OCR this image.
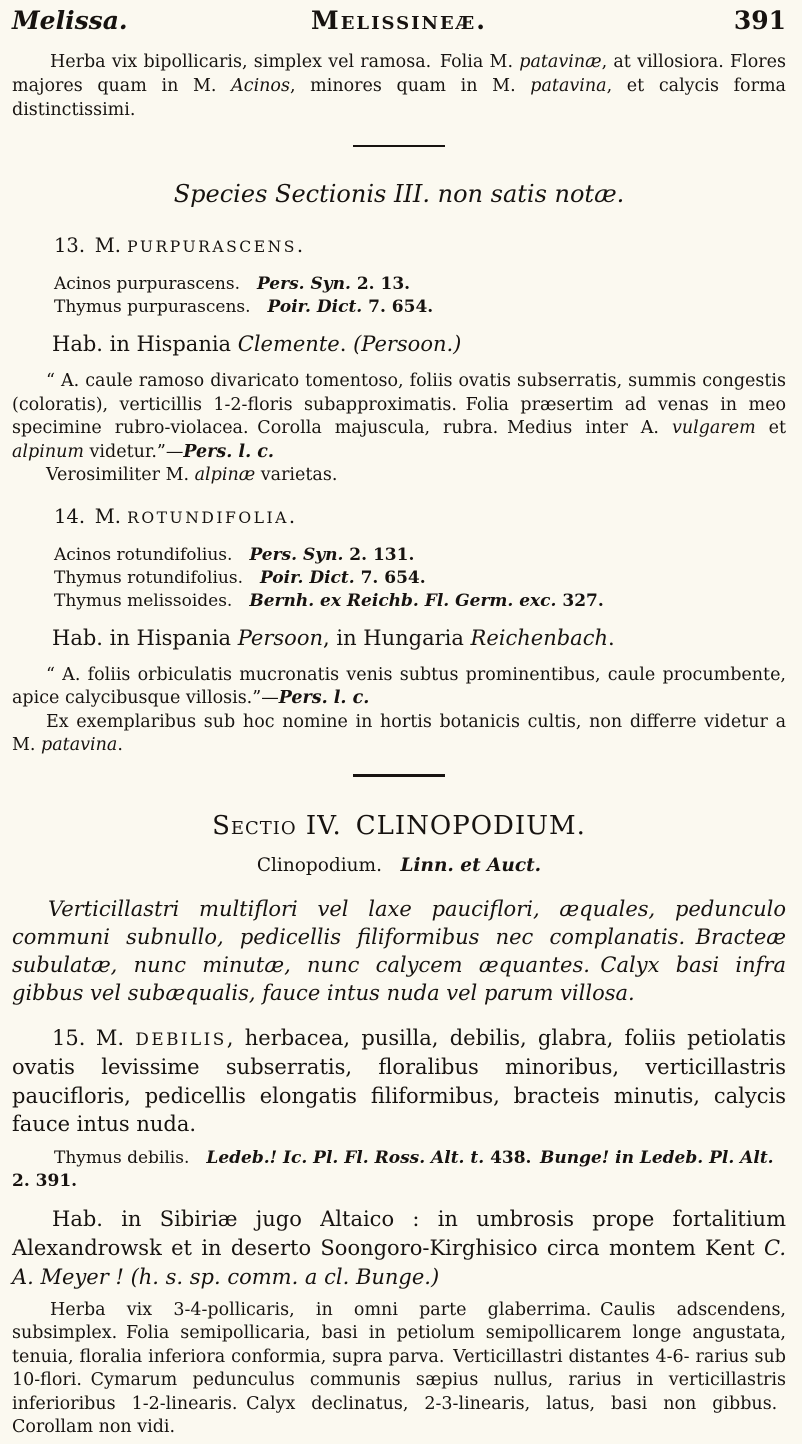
Melissa.	Melissineæ.	391

Herba vix bipollicaris, simplex vel ramosa. Folia M. patavinæ, at villosiora. Flores majores quam in M. Acinos, minores quam in M. patavina, et calycis forma distinctissimi.

Species Sectionis III. non satis notæ.
13. M. PURPURASCENS.

Acinos purpurascens. Pers. Syn. 2. 13.

Thymus purpurascens. Poir. Dict. 7. 654.

Hab. in Hispania Clemente. (Persoon.)

“ A. caule ramoso divaricato tomentoso, foliis ovatis subserratis, summis congestis (coloratis), verticillis 1-2-floris subapproximatis. Folia præsertim ad venas in meo specimine rubro-violacea. Corolla majuscula, rubra. Medius inter A. vulgarem et alpinum videtur.”—Pers. l. c.

Verosimiliter M. alpinæ varietas.

14. M. ROTUNDIFOLIA.

Acinos rotundifolius. Pers. Syn. 2. 131.

Thymus rotundifolius. Poir. Dict. 7. 654.

Thymus melissoides. Bernh. ex Reichb. Fl. Germ. exc. 327.

Hab. in Hispania Persoon, in Hungaria Reichenbach.

“ A. foliis orbiculatis mucronatis venis subtus prominentibus, caule procumbente, apice calycibusque villosis.”—Pers. l. c.

Ex exemplaribus sub hoc nomine in hortis botanicis cultis, non differre videtur a M. patavina.

Sectio IV. CLINOPODIUM.

Clinopodium. Linn. et Auct.

Verticillastri multiflori vel laxe pauciflori, æquales, pedunculo communi subnullo, pedicellis filiformibus nec complanatis. Bracteæ subulatæ, nunc minutæ, nunc calycem æquantes. Calyx basi infra gibbus vel subæqualis, fauce intus nuda vel parum villosa.

15. M. DEBILIS, herbacea, pusilla, debilis, glabra, foliis petiolatis ovatis levissime subserratis, floralibus minoribus, verticillastris paucifloris, pedicellis elongatis filiformibus, bracteis minutis, calycis fauce intus nuda.

Thymus debilis. Ledeb.! Ic. Pl. Fl. Ross. Alt. t. 438.  Bunge! in Ledeb. Pl. Alt. 2. 391.

Hab. in Sibiriæ jugo Altaico : in umbrosis prope fortalitium Alexandrowsk et in deserto Soongoro-Kirghisico circa montem Kent C. A. Meyer ! (h. s. sp. comm. a cl. Bunge.)

Herba vix 3-4-pollicaris, in omni parte glaberrima. Caulis adscendens, subsimplex. Folia semipollicaria, basi in petiolum semipollicarem longe angustata, tenuia, floralia inferiora conformia, supra parva. Verticillastri distantes 4-6- rarius sub 10-flori. Cymarum pedunculus communis sæpius nullus, rarius in verticillastris inferioribus 1-2-linearis. Calyx declinatus, 2-3-linearis, latus, basi non gibbus. Corollam non vidi.
